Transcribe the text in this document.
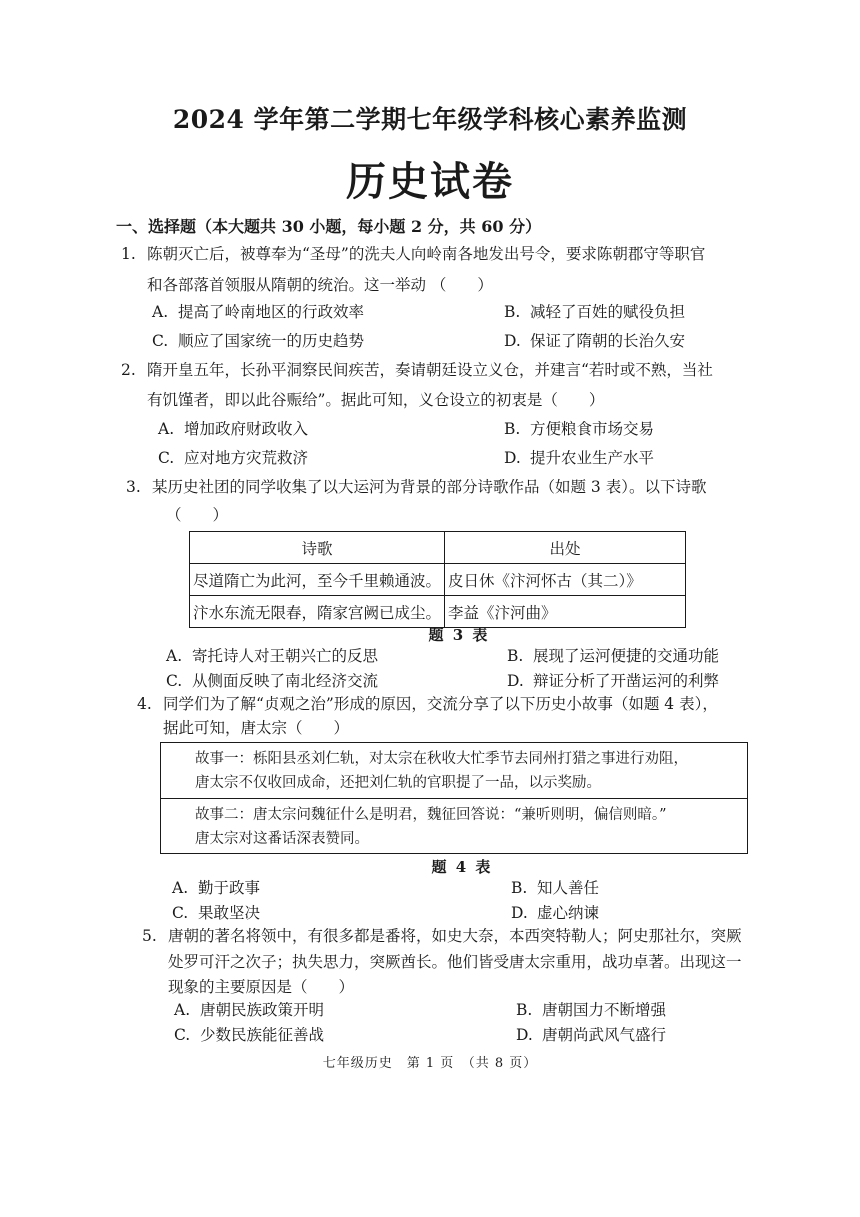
2024 学年第二学期七年级学科核心素养监测
历史试卷
一、选择题（本大题共 30 小题，每小题 2 分，共 60 分）
1. 陈朝灭亡后，被尊奉为“圣母”的洗夫人向岭南各地发出号令，要求陈朝郡守等职官
和各部落首领服从隋朝的统治。这一举动 （　　）
A. 提高了岭南地区的行政效率	B. 减轻了百姓的赋役负担
C. 顺应了国家统一的历史趋势	D. 保证了隋朝的长治久安
2. 隋开皇五年，长孙平洞察民间疾苦，奏请朝廷设立义仓，并建言“若时或不熟，当社
有饥馑者，即以此谷赈给”。据此可知，义仓设立的初衷是（　　）
A. 增加政府财政收入	B. 方便粮食市场交易
C. 应对地方灾荒救济	D. 提升农业生产水平
3. 某历史社团的同学收集了以大运河为背景的部分诗歌作品（如题 3 表）。以下诗歌
（　　）
诗歌	出处
尽道隋亡为此河，至今千里赖通波。	皮日休《汴河怀古（其二）》
汴水东流无限春，隋家宫阙已成尘。	李益《汴河曲》
题 3 表
A. 寄托诗人对王朝兴亡的反思	B. 展现了运河便捷的交通功能
C. 从侧面反映了南北经济交流	D. 辩证分析了开凿运河的利弊
4. 同学们为了解“贞观之治”形成的原因，交流分享了以下历史小故事（如题 4 表），
据此可知，唐太宗（　　）
故事一：栎阳县丞刘仁轨，对太宗在秋收大忙季节去同州打猎之事进行劝阻，
唐太宗不仅收回成命，还把刘仁轨的官职提了一品，以示奖励。
故事二：唐太宗问魏征什么是明君，魏征回答说：“兼听则明，偏信则暗。”
唐太宗对这番话深表赞同。
题 4 表
A. 勤于政事	B. 知人善任
C. 果敢坚决	D. 虚心纳谏
5. 唐朝的著名将领中，有很多都是番将，如史大奈，本西突特勒人；阿史那社尔，突厥
处罗可汗之次子；执失思力，突厥酋长。他们皆受唐太宗重用，战功卓著。出现这一
现象的主要原因是（　　）
A. 唐朝民族政策开明	B. 唐朝国力不断增强
C. 少数民族能征善战	D. 唐朝尚武风气盛行
七年级历史　第 1 页　（共 8 页）
